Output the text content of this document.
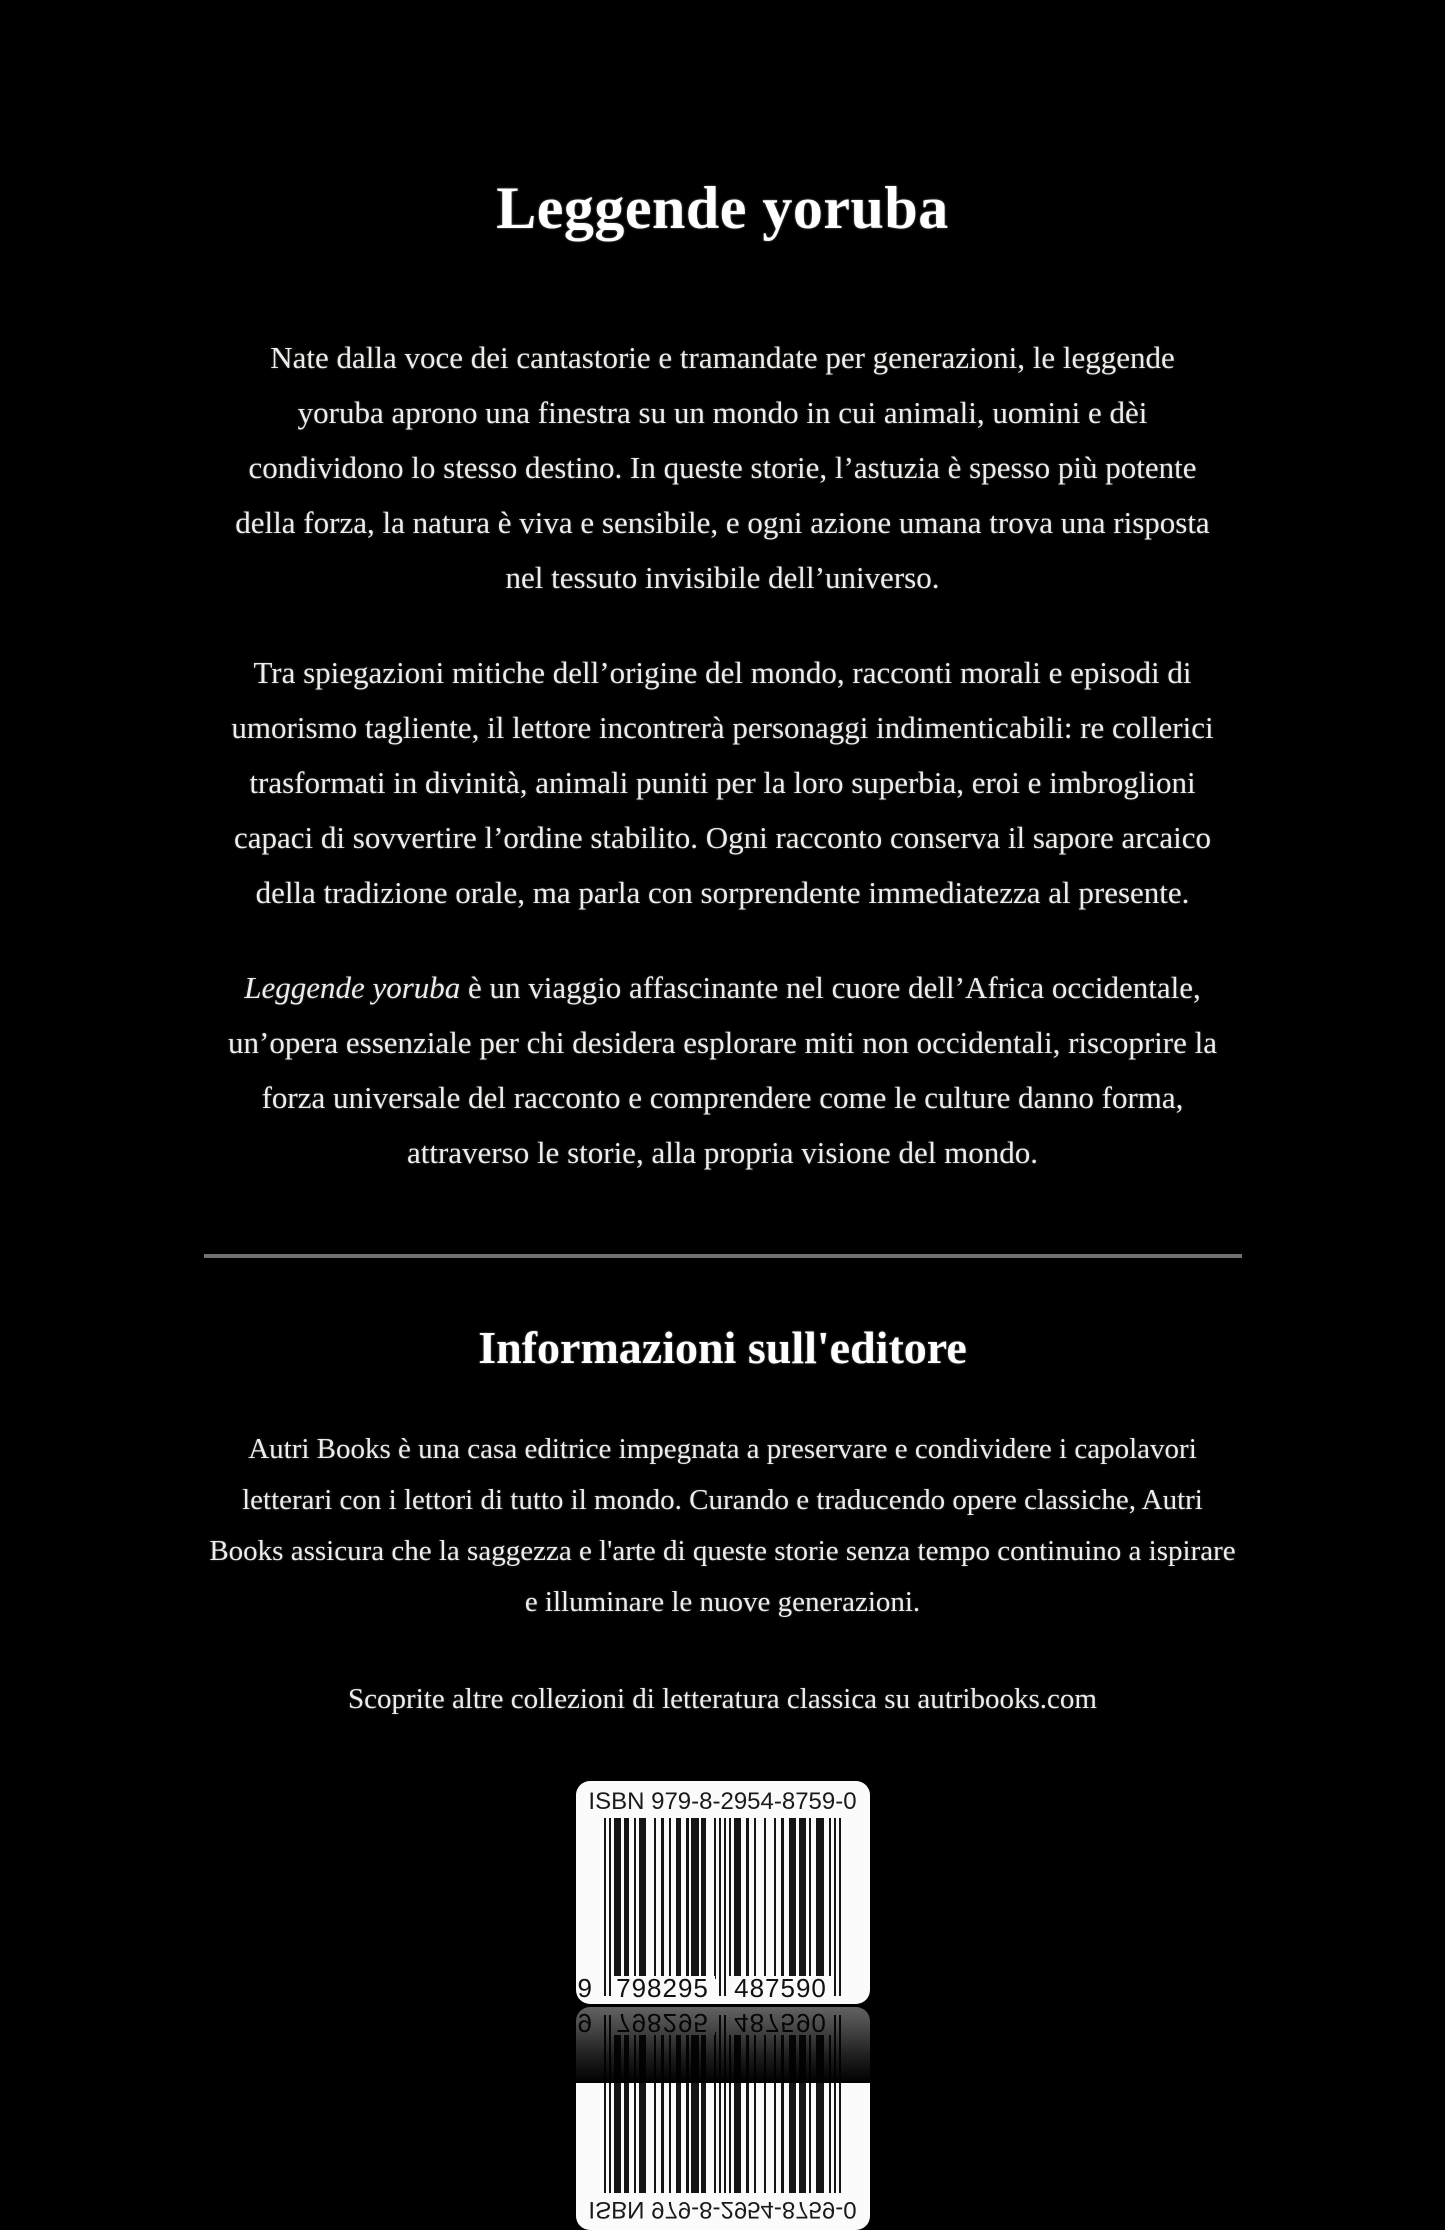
Leggende yoruba
Nate dalla voce dei cantastorie e tramandate per generazioni, le leggende
yoruba aprono una finestra su un mondo in cui animali, uomini e dèi
condividono lo stesso destino. In queste storie, l’astuzia è spesso più potente
della forza, la natura è viva e sensibile, e ogni azione umana trova una risposta
nel tessuto invisibile dell’universo.
Tra spiegazioni mitiche dell’origine del mondo, racconti morali e episodi di
umorismo tagliente, il lettore incontrerà personaggi indimenticabili: re collerici
trasformati in divinità, animali puniti per la loro superbia, eroi e imbroglioni
capaci di sovvertire l’ordine stabilito. Ogni racconto conserva il sapore arcaico
della tradizione orale, ma parla con sorprendente immediatezza al presente.
Leggende yoruba è un viaggio affascinante nel cuore dell’Africa occidentale,
un’opera essenziale per chi desidera esplorare miti non occidentali, riscoprire la
forza universale del racconto e comprendere come le culture danno forma,
attraverso le storie, alla propria visione del mondo.
Informazioni sull'editore
Autri Books è una casa editrice impegnata a preservare e condividere i capolavori
letterari con i lettori di tutto il mondo. Curando e traducendo opere classiche, Autri
Books assicura che la saggezza e l'arte di queste storie senza tempo continuino a ispirare
e illuminare le nuove generazioni.
Scoprite altre collezioni di letteratura classica su autribooks.com
ISBN 979-8-2954-8759-0
9 798295 487590
ISBN 979-8-2954-8759-0
